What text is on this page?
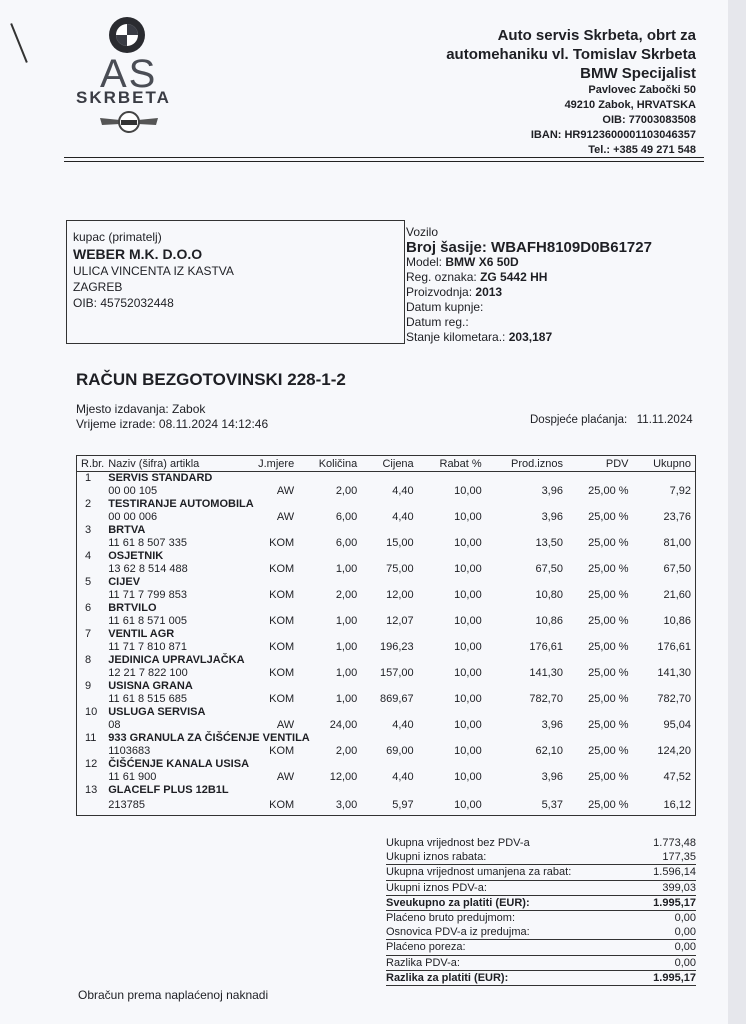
AS
SKRBETA
Auto servis Skrbeta, obrt za
automehaniku vl. Tomislav Skrbeta
BMW Specijalist
Pavlovec Zabočki 50
49210 Zabok, HRVATSKA
OIB: 77003083508
IBAN: HR9123600001103046357
Tel.: +385 49 271 548
kupac (primatelj)
WEBER M.K. D.O.O
ULICA VINCENTA IZ KASTVA
ZAGREB
OIB: 45752032448
Vozilo
Broj šasije: WBAFH8109D0B61727
Model: BMW X6 50D
Reg. oznaka: ZG 5442 HH
Proizvodnja: 2013
Datum kupnje:
Datum reg.:
Stanje kilometara.: 203,187
RAČUN BEZGOTOVINSKI 228-1-2
Mjesto izdavanja: Zabok
Vrijeme izrade: 08.11.2024 14:12:46	Dospjeće plaćanja: 11.11.2024
R.br.	Naziv (šifra) artikla	J.mjere	Količina	Cijena	Rabat %	Prod.iznos	PDV	Ukupno
1	SERVIS STANDARD							
	00 00 105	AW	2,00	4,40	10,00	3,96	25,00 %	7,92
2	TESTIRANJE AUTOMOBILA							
	00 00 006	AW	6,00	4,40	10,00	3,96	25,00 %	23,76
3	BRTVA							
	11 61 8 507 335	KOM	6,00	15,00	10,00	13,50	25,00 %	81,00
4	OSJETNIK							
	13 62 8 514 488	KOM	1,00	75,00	10,00	67,50	25,00 %	67,50
5	CIJEV							
	11 71 7 799 853	KOM	2,00	12,00	10,00	10,80	25,00 %	21,60
6	BRTVILO							
	11 61 8 571 005	KOM	1,00	12,07	10,00	10,86	25,00 %	10,86
7	VENTIL AGR							
	11 71 7 810 871	KOM	1,00	196,23	10,00	176,61	25,00 %	176,61
8	JEDINICA UPRAVLJAČKA							
	12 21 7 822 100	KOM	1,00	157,00	10,00	141,30	25,00 %	141,30
9	USISNA GRANA							
	11 61 8 515 685	KOM	1,00	869,67	10,00	782,70	25,00 %	782,70
10	USLUGA SERVISA							
	08	AW	24,00	4,40	10,00	3,96	25,00 %	95,04
11	933 GRANULA ZA ČIŠĆENJE VENTILA							
	1103683	KOM	2,00	69,00	10,00	62,10	25,00 %	124,20
12	ČIŠĆENJE KANALA USISA							
	11 61 900	AW	12,00	4,40	10,00	3,96	25,00 %	47,52
13	GLACELF PLUS 12B1L							
	213785	KOM	3,00	5,97	10,00	5,37	25,00 %	16,12
Ukupna vrijednost bez PDV-a	1.773,48
Ukupni iznos rabata:	177,35
Ukupna vrijednost umanjena za rabat:	1.596,14
Ukupni iznos PDV-a:	399,03
Sveukupno za platiti (EUR):	1.995,17
Plaćeno bruto predujmom:	0,00
Osnovica PDV-a iz predujma:	0,00
Plaćeno poreza:	0,00
Razlika PDV-a:	0,00
Razlika za platiti (EUR):	1.995,17
Obračun prema naplaćenoj naknadi
